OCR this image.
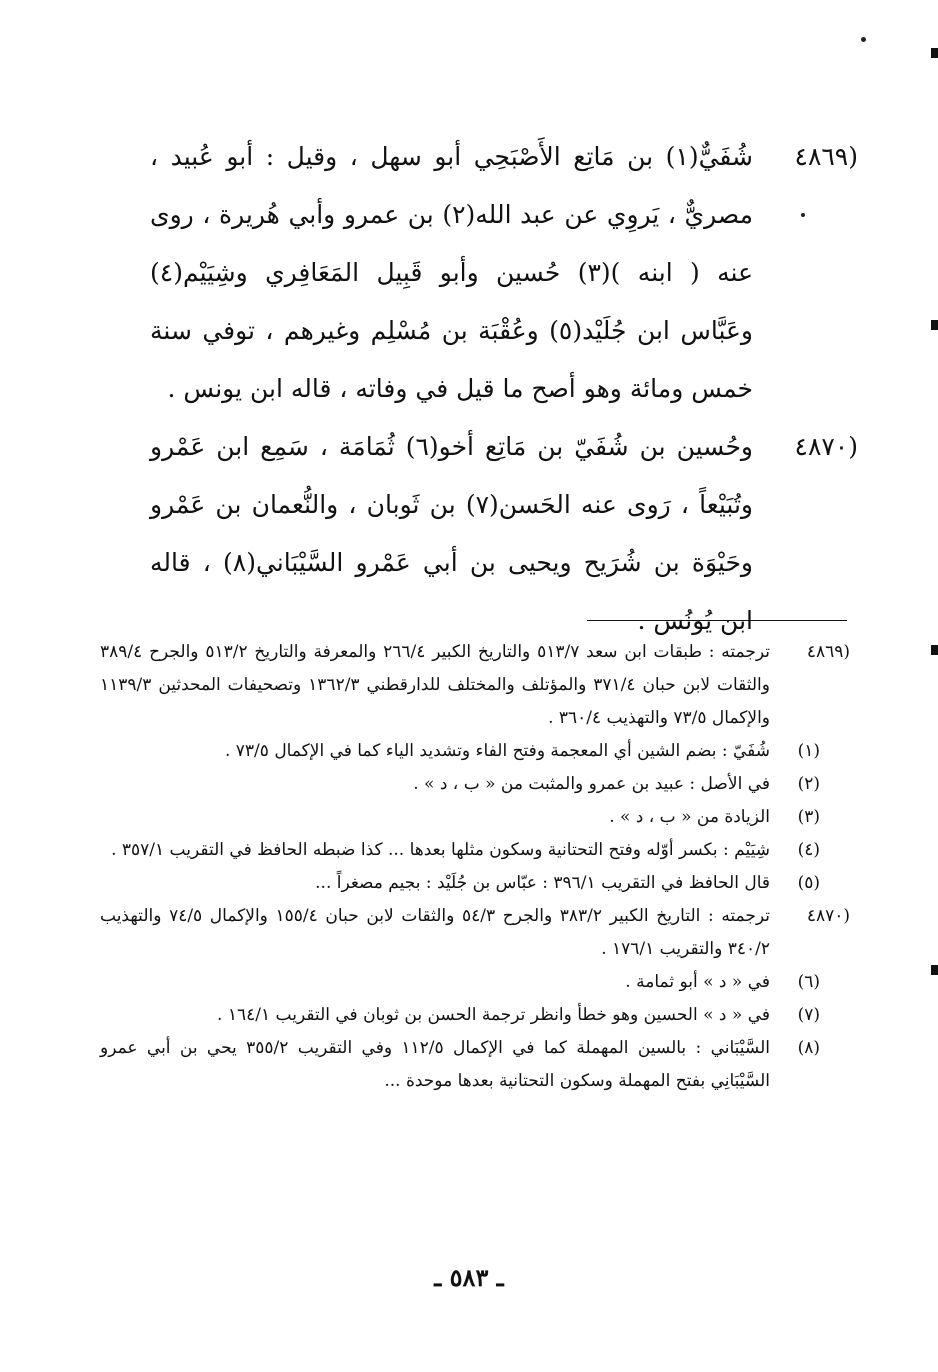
(٤٨٦٩
شُفَيٌّ(١) بن مَاتِع الأَصْبَحِي أبو سهل ، وقيل : أبو عُبيد ، مصريٌّ ، يَروِي عن عبد الله(٢) بن عمرو وأبي هُريرة ، روى عنه ( ابنه )(٣) حُسين وأبو قَبِيل المَعَافِري وشِيَيْم(٤) وعَبَّاس ابن جُلَيْد(٥) وعُقْبَة بن مُسْلِم وغيرهم ، توفي سنة خمس ومائة وهو أصح ما قيل في وفاته ، قاله ابن يونس .
(٤٨٧٠
وحُسين بن شُفَيّ بن مَاتِع أخو(٦) ثُمَامَة ، سَمِع ابن عَمْرو وتُبَيْعاً ، رَوى عنه الحَسن(٧) بن ثَوبان ، والنُّعمان بن عَمْرو وحَيْوَة بن شُرَيح ويحيى بن أبي عَمْرو السَّيْبَاني(٨) ، قاله ابن يُونُس .
(٤٨٦٩
ترجمته : طبقات ابن سعد ٥١٣/٧ والتاريخ الكبير ٢٦٦/٤ والمعرفة والتاريخ ٥١٣/٢ والجرح ٣٨٩/٤ والثقات لابن حبان ٣٧١/٤ والمؤتلف والمختلف للدارقطني ١٣٦٢/٣ وتصحيفات المحدثين ١١٣٩/٣ والإكمال ٧٣/٥ والتهذيب ٣٦٠/٤ .
(١)
شُفَيّ : بضم الشين أي المعجمة وفتح الفاء وتشديد الياء كما في الإكمال ٧٣/٥ .
(٢)
في الأصل : عبيد بن عمرو والمثبت من « ب ، د » .
(٣)
الزيادة من « ب ، د » .
(٤)
شِيَيْم : بكسر أوّله وفتح التحتانية وسكون مثلها بعدها ... كذا ضبطه الحافظ في التقريب ٣٥٧/١ .
(٥)
قال الحافظ في التقريب ٣٩٦/١ : عبّاس بن جُلَيْد : بجيم مصغراً ...
(٤٨٧٠
ترجمته : التاريخ الكبير ٣٨٣/٢ والجرح ٥٤/٣ والثقات لابن حبان ١٥٥/٤ والإكمال ٧٤/٥ والتهذيب ٣٤٠/٢ والتقريب ١٧٦/١ .
(٦)
في « د » أبو ثمامة .
(٧)
في « د » الحسين وهو خطأ وانظر ترجمة الحسن بن ثوبان في التقريب ١٦٤/١ .
(٨)
السَّيْبَاني : بالسين المهملة كما في الإكمال ١١٢/٥ وفي التقريب ٣٥٥/٢ يحي بن أبي عمرو السَّيْبَانِي بفتح المهملة وسكون التحتانية بعدها موحدة ...
ـ ٥٨٣ ـ
